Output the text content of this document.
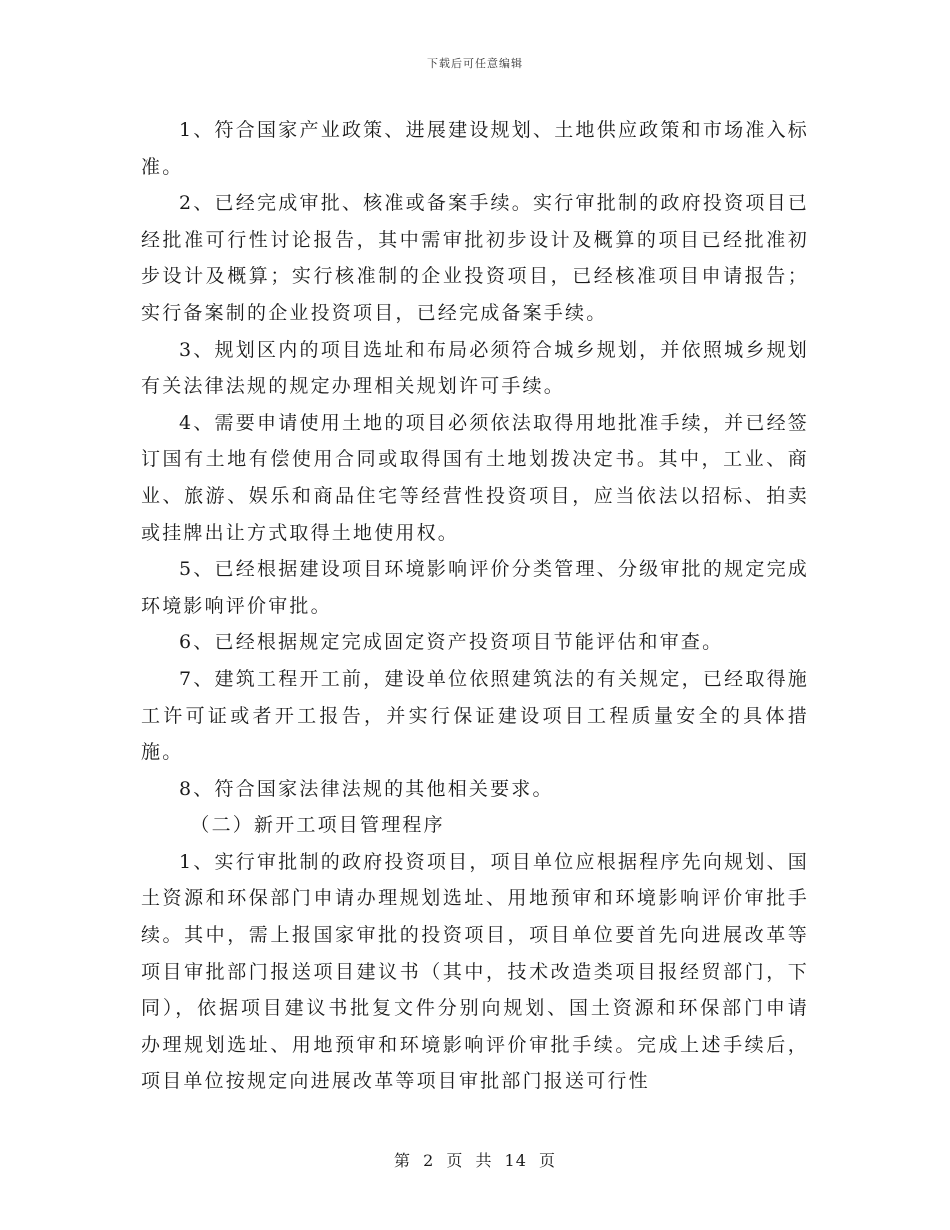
下载后可任意编辑

1、符合国家产业政策、进展建设规划、土地供应政策和市场准入标准。

2、已经完成审批、核准或备案手续。实行审批制的政府投资项目已经批准可行性讨论报告，其中需审批初步设计及概算的项目已经批准初步设计及概算；实行核准制的企业投资项目，已经核准项目申请报告；实行备案制的企业投资项目，已经完成备案手续。

3、规划区内的项目选址和布局必须符合城乡规划，并依照城乡规划有关法律法规的规定办理相关规划许可手续。

4、需要申请使用土地的项目必须依法取得用地批准手续，并已经签订国有土地有偿使用合同或取得国有土地划拨决定书。其中，工业、商业、旅游、娱乐和商品住宅等经营性投资项目，应当依法以招标、拍卖或挂牌出让方式取得土地使用权。

5、已经根据建设项目环境影响评价分类管理、分级审批的规定完成环境影响评价审批。

6、已经根据规定完成固定资产投资项目节能评估和审查。

7、建筑工程开工前，建设单位依照建筑法的有关规定，已经取得施工许可证或者开工报告，并实行保证建设项目工程质量安全的具体措施。

8、符合国家法律法规的其他相关要求。

（二）新开工项目管理程序

1、实行审批制的政府投资项目，项目单位应根据程序先向规划、国土资源和环保部门申请办理规划选址、用地预审和环境影响评价审批手续。其中，需上报国家审批的投资项目，项目单位要首先向进展改革等项目审批部门报送项目建议书（其中，技术改造类项目报经贸部门，下同），依据项目建议书批复文件分别向规划、国土资源和环保部门申请办理规划选址、用地预审和环境影响评价审批手续。完成上述手续后，项目单位按规定向进展改革等项目审批部门报送可行性

第 2 页 共 14 页
